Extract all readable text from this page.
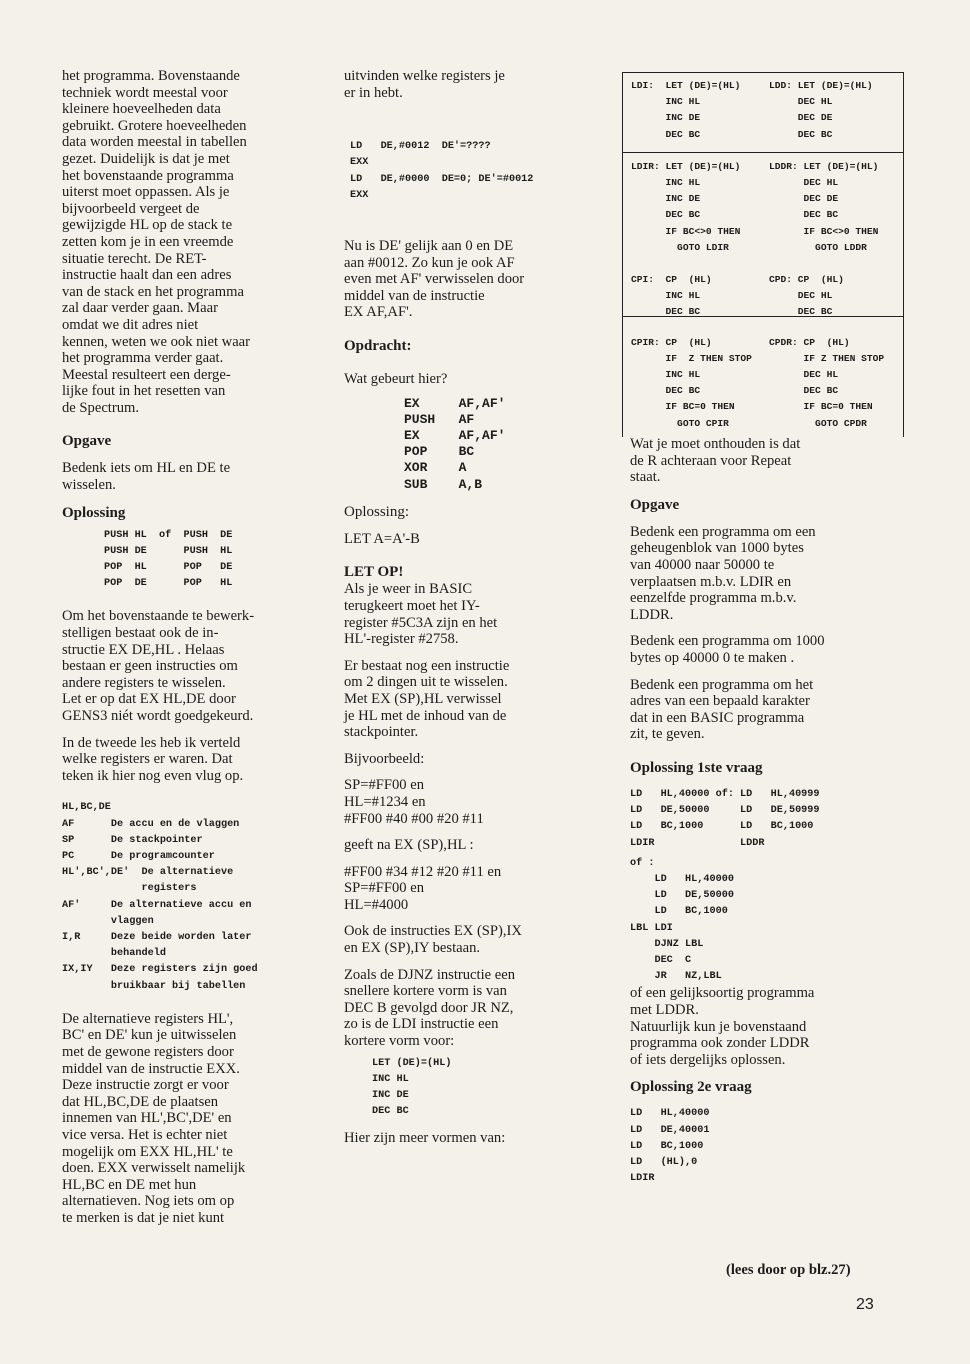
het programma. Bovenstaande

techniek wordt meestal voor

kleinere hoeveelheden data

gebruikt. Grotere hoeveelheden

data worden meestal in tabellen

gezet. Duidelijk is dat je met

het bovenstaande programma

uiterst moet oppassen. Als je

bijvoorbeeld vergeet de

gewijzigde HL op de stack te

zetten kom je in een vreemde

situatie terecht. De RET-

instructie haalt dan een adres

van de stack en het programma

zal daar verder gaan. Maar

omdat we dit adres niet

kennen, weten we ook niet waar

het programma verder gaat.

Meestal resulteert een derge-

lijke fout in het resetten van

de Spectrum.

Opgave

Bedenk iets om HL en DE te

wisselen.

Oplossing
PUSH HL  of  PUSH  DE
PUSH DE      PUSH  HL
POP  HL      POP   DE
POP  DE      POP   HL

Om het bovenstaande te bewerk-

stelligen bestaat ook de in-

structie EX DE,HL . Helaas

bestaan er geen instructies om

andere registers te wisselen.

Let er op dat EX HL,DE door

GENS3 niét wordt goedgekeurd.

In de tweede les heb ik verteld

welke registers er waren. Dat

teken ik hier nog even vlug op.

HL,BC,DE
AF      De accu en de vlaggen
SP      De stackpointer
PC      De programcounter
HL',BC',DE'  De alternatieve
registers
AF'     De alternatieve accu en
vlaggen
I,R     Deze beide worden later
behandeld
IX,IY   Deze registers zijn goed
bruikbaar bij tabellen

De alternatieve registers HL',

BC' en DE' kun je uitwisselen

met de gewone registers door

middel van de instructie EXX.

Deze instructie zorgt er voor

dat HL,BC,DE de plaatsen

innemen van HL',BC',DE' en

vice versa. Het is echter niet

mogelijk om EXX HL,HL' te

doen. EXX verwisselt namelijk

HL,BC en DE met hun

alternatieven. Nog iets om op

te merken is dat je niet kunt

uitvinden welke registers je

er in hebt.

LD   DE,#0012  DE'=????
EXX
LD   DE,#0000  DE=0; DE'=#0012
EXX

Nu is DE' gelijk aan 0 en DE

aan #0012. Zo kun je ook AF

even met AF' verwisselen door

middel van de instructie

EX AF,AF'.

Opdracht:

Wat gebeurt hier?

EX     AF,AF'
PUSH   AF
EX     AF,AF'
POP    BC
XOR    A
SUB    A,B
Oplossing:

LET A=A'-B

LET OP!

Als je weer in BASIC

terugkeert moet het IY-

register #5C3A zijn en het

HL'-register #2758.

Er bestaat nog een instructie

om 2 dingen uit te wisselen.

Met EX (SP),HL verwissel

je HL met de inhoud van de

stackpointer.

Bijvoorbeeld:

SP=#FF00 en

HL=#1234 en

#FF00 #40 #00 #20 #11

geeft na EX (SP),HL :

#FF00 #34 #12 #20 #11 en

SP=#FF00 en

HL=#4000

Ook de instructies EX (SP),IX

en EX (SP),IY bestaan.

Zoals de DJNZ instructie een

snellere kortere vorm is van

DEC B gevolgd door JR NZ,

zo is de LDI instructie een

kortere vorm voor:

LET (DE)=(HL)
INC HL
INC DE
DEC BC

Hier zijn meer vormen van:

LDI:  LET (DE)=(HL)
INC HL
INC DE
DEC BC
LDD: LET (DE)=(HL)
DEC HL
DEC DE
DEC BC
LDIR: LET (DE)=(HL)
INC HL
INC DE
DEC BC
IF BC<>0 THEN
GOTO LDIR
LDDR: LET (DE)=(HL)
DEC HL
DEC DE
DEC BC
IF BC<>0 THEN
GOTO LDDR
CPI:  CP  (HL)
INC HL
DEC BC
CPD: CP  (HL)
DEC HL
DEC BC
CPIR: CP  (HL)
IF  Z THEN STOP
INC HL
DEC BC
IF BC=0 THEN
GOTO CPIR
CPDR: CP  (HL)
IF Z THEN STOP
DEC HL
DEC BC
IF BC=0 THEN
GOTO CPDR

Wat je moet onthouden is dat

de R achteraan voor Repeat

staat.

Opgave

Bedenk een programma om een

geheugenblok van 1000 bytes

van 40000 naar 50000 te

verplaatsen m.b.v. LDIR en

eenzelfde programma m.b.v.

LDDR.

Bedenk een programma om 1000

bytes op 40000 0 te maken .

Bedenk een programma om het

adres van een bepaald karakter

dat in een BASIC programma

zit, te geven.

Oplossing 1ste vraag
LD   HL,40000 of: LD   HL,40999
LD   DE,50000     LD   DE,50999
LD   BC,1000      LD   BC,1000
LDIR              LDDR
of :
LD   HL,40000
LD   DE,50000
LD   BC,1000
LBL LDI
DJNZ LBL
DEC  C
JR   NZ,LBL

of een gelijksoortig programma

met LDDR.

Natuurlijk kun je bovenstaand

programma ook zonder LDDR

of iets dergelijks oplossen.

Oplossing 2e vraag
LD   HL,40000
LD   DE,40001
LD   BC,1000
LD   (HL),0
LDIR
(lees door op blz.27)
23
